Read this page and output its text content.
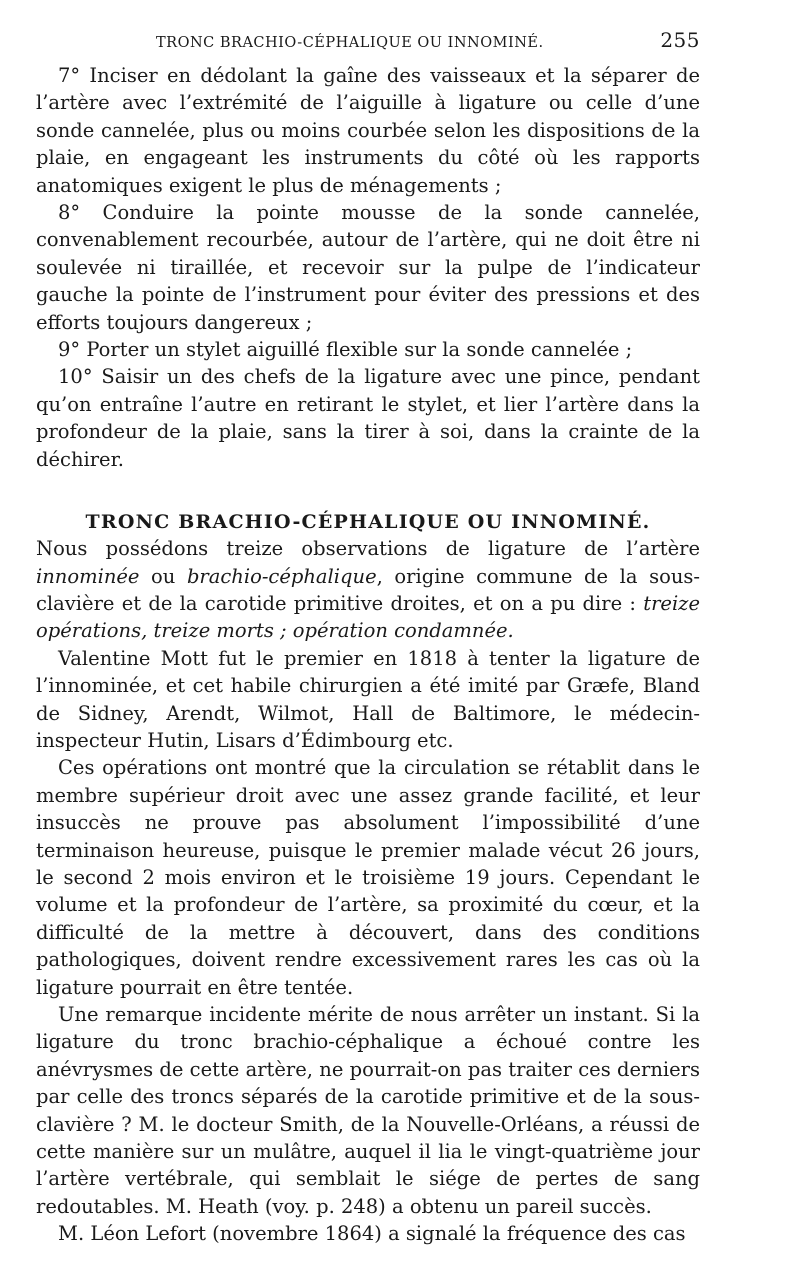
TRONC BRACHIO-CÉPHALIQUE OU INNOMINÉ.	255

7° Inciser en dédolant la gaîne des vaisseaux et la séparer de l’artère avec l’extrémité de l’aiguille à ligature ou celle d’une sonde cannelée, plus ou moins courbée selon les dispositions de la plaie, en engageant les instruments du côté où les rapports anatomiques exigent le plus de ménagements ;

8° Conduire la pointe mousse de la sonde cannelée, convenablement recourbée, autour de l’artère, qui ne doit être ni soulevée ni tiraillée, et recevoir sur la pulpe de l’indicateur gauche la pointe de l’instrument pour éviter des pressions et des efforts toujours dangereux ;

9° Porter un stylet aiguillé flexible sur la sonde cannelée ;

10° Saisir un des chefs de la ligature avec une pince, pendant qu’on entraîne l’autre en retirant le stylet, et lier l’artère dans la profondeur de la plaie, sans la tirer à soi, dans la crainte de la déchirer.

TRONC BRACHIO-CÉPHALIQUE OU INNOMINÉ.

Nous possédons treize observations de ligature de l’artère innominée ou brachio-céphalique, origine commune de la sous-clavière et de la carotide primitive droites, et on a pu dire : treize opérations, treize morts ; opération condamnée.

Valentine Mott fut le premier en 1818 à tenter la ligature de l’innominée, et cet habile chirurgien a été imité par Græfe, Bland de Sidney, Arendt, Wilmot, Hall de Baltimore, le médecin-inspecteur Hutin, Lisars d’Édimbourg etc.

Ces opérations ont montré que la circulation se rétablit dans le membre supérieur droit avec une assez grande facilité, et leur insuccès ne prouve pas absolument l’impossibilité d’une terminaison heureuse, puisque le premier malade vécut 26 jours, le second 2 mois environ et le troisième 19 jours. Cependant le volume et la profondeur de l’artère, sa proximité du cœur, et la difficulté de la mettre à découvert, dans des conditions pathologiques, doivent rendre excessivement rares les cas où la ligature pourrait en être tentée.

Une remarque incidente mérite de nous arrêter un instant. Si la ligature du tronc brachio-céphalique a échoué contre les anévrysmes de cette artère, ne pourrait-on pas traiter ces derniers par celle des troncs séparés de la carotide primitive et de la sous-clavière ? M. le docteur Smith, de la Nouvelle-Orléans, a réussi de cette manière sur un mulâtre, auquel il lia le vingt-quatrième jour l’artère vertébrale, qui semblait le siége de pertes de sang redoutables. M. Heath (voy. p. 248) a obtenu un pareil succès.

M. Léon Lefort (novembre 1864) a signalé la fréquence des cas
